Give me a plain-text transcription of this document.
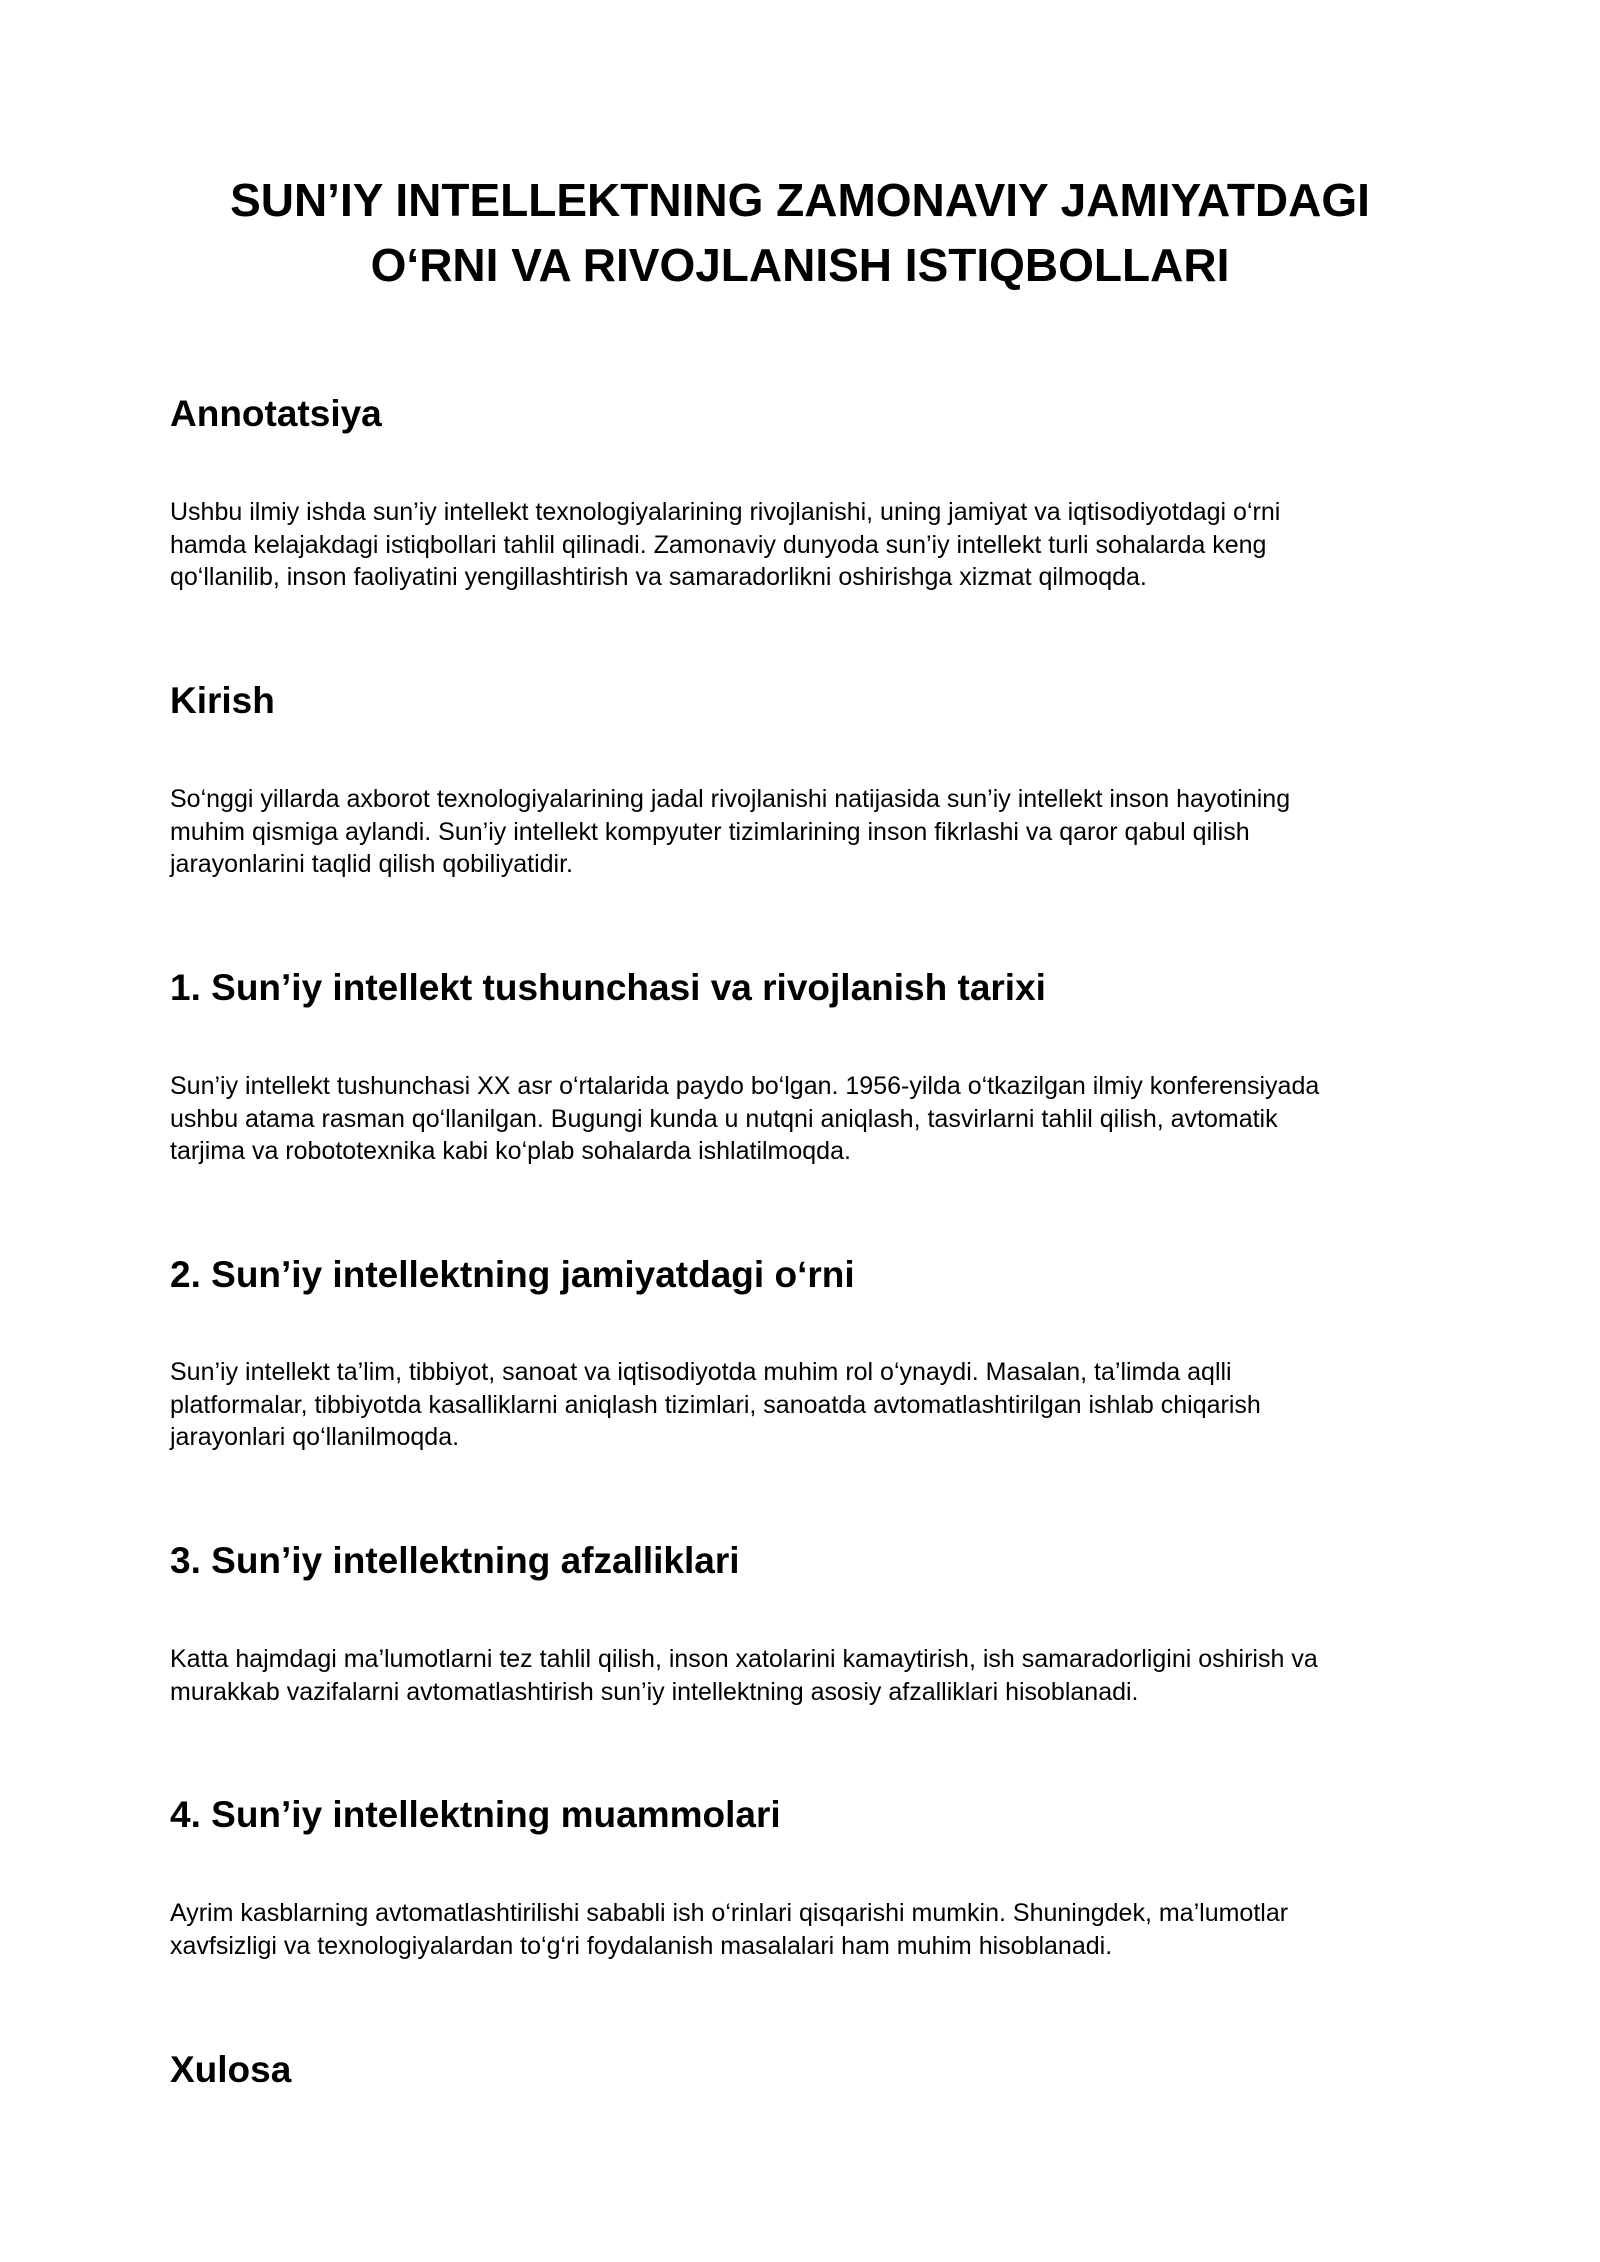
SUN’IY INTELLEKTNING ZAMONAVIY JAMIYATDAGI
O‘RNI VA RIVOJLANISH ISTIQBOLLARI
Annotatsiya
Ushbu ilmiy ishda sun’iy intellekt texnologiyalarining rivojlanishi, uning jamiyat va iqtisodiyotdagi o‘rni
hamda kelajakdagi istiqbollari tahlil qilinadi. Zamonaviy dunyoda sun’iy intellekt turli sohalarda keng
qo‘llanilib, inson faoliyatini yengillashtirish va samaradorlikni oshirishga xizmat qilmoqda.
Kirish
So‘nggi yillarda axborot texnologiyalarining jadal rivojlanishi natijasida sun’iy intellekt inson hayotining
muhim qismiga aylandi. Sun’iy intellekt kompyuter tizimlarining inson fikrlashi va qaror qabul qilish
jarayonlarini taqlid qilish qobiliyatidir.
1. Sun’iy intellekt tushunchasi va rivojlanish tarixi
Sun’iy intellekt tushunchasi XX asr o‘rtalarida paydo bo‘lgan. 1956-yilda o‘tkazilgan ilmiy konferensiyada
ushbu atama rasman qo‘llanilgan. Bugungi kunda u nutqni aniqlash, tasvirlarni tahlil qilish, avtomatik
tarjima va robototexnika kabi ko‘plab sohalarda ishlatilmoqda.
2. Sun’iy intellektning jamiyatdagi o‘rni
Sun’iy intellekt ta’lim, tibbiyot, sanoat va iqtisodiyotda muhim rol o‘ynaydi. Masalan, ta’limda aqlli
platformalar, tibbiyotda kasalliklarni aniqlash tizimlari, sanoatda avtomatlashtirilgan ishlab chiqarish
jarayonlari qo‘llanilmoqda.
3. Sun’iy intellektning afzalliklari
Katta hajmdagi ma’lumotlarni tez tahlil qilish, inson xatolarini kamaytirish, ish samaradorligini oshirish va
murakkab vazifalarni avtomatlashtirish sun’iy intellektning asosiy afzalliklari hisoblanadi.
4. Sun’iy intellektning muammolari
Ayrim kasblarning avtomatlashtirilishi sababli ish o‘rinlari qisqarishi mumkin. Shuningdek, ma’lumotlar
xavfsizligi va texnologiyalardan to‘g‘ri foydalanish masalalari ham muhim hisoblanadi.
Xulosa
